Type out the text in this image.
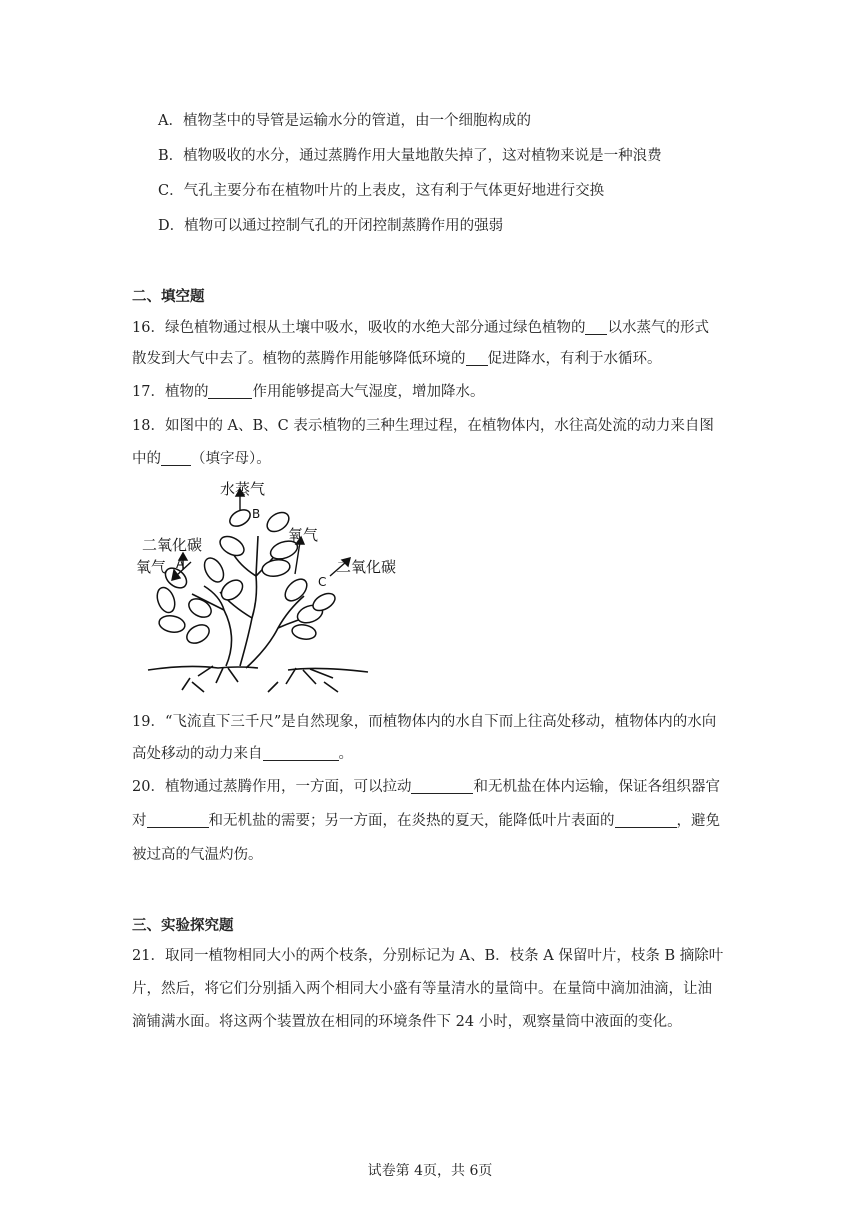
A．植物茎中的导管是运输水分的管道，由一个细胞构成的
B．植物吸收的水分，通过蒸腾作用大量地散失掉了，这对植物来说是一种浪费
C．气孔主要分布在植物叶片的上表皮，这有利于气体更好地进行交换
D．植物可以通过控制气孔的开闭控制蒸腾作用的强弱
二、填空题
16．绿色植物通过根从土壤中吸水，吸收的水绝大部分通过绿色植物的 以水蒸气的形式
散发到大气中去了。植物的蒸腾作用能够降低环境的 促进降水，有利于水循环。
17．植物的	作用能够提高大气湿度，增加降水。
18．如图中的 A、B、C 表示植物的三种生理过程，在植物体内，水往高处流的动力来自图
中的 （填字母）。
水蒸气
B
二氧化碳
氧气 A
氧气
二氧化碳
C
19．“飞流直下三千尺”是自然现象，而植物体内的水自下而上往高处移动，植物体内的水向
高处移动的动力来自	。
20．植物通过蒸腾作用，一方面，可以拉动	和无机盐在体内运输，保证各组织器官
对	和无机盐的需要；另一方面，在炎热的夏天，能降低叶片表面的	，避免
被过高的气温灼伤。
三、实验探究题
21．取同一植物相同大小的两个枝条，分别标记为 A、B．枝条 A 保留叶片，枝条 B 摘除叶
片，然后，将它们分别插入两个相同大小盛有等量清水的量筒中。在量筒中滴加油滴，让油
滴铺满水面。将这两个装置放在相同的环境条件下 24 小时，观察量筒中液面的变化。
试卷第 4页，共 6页
